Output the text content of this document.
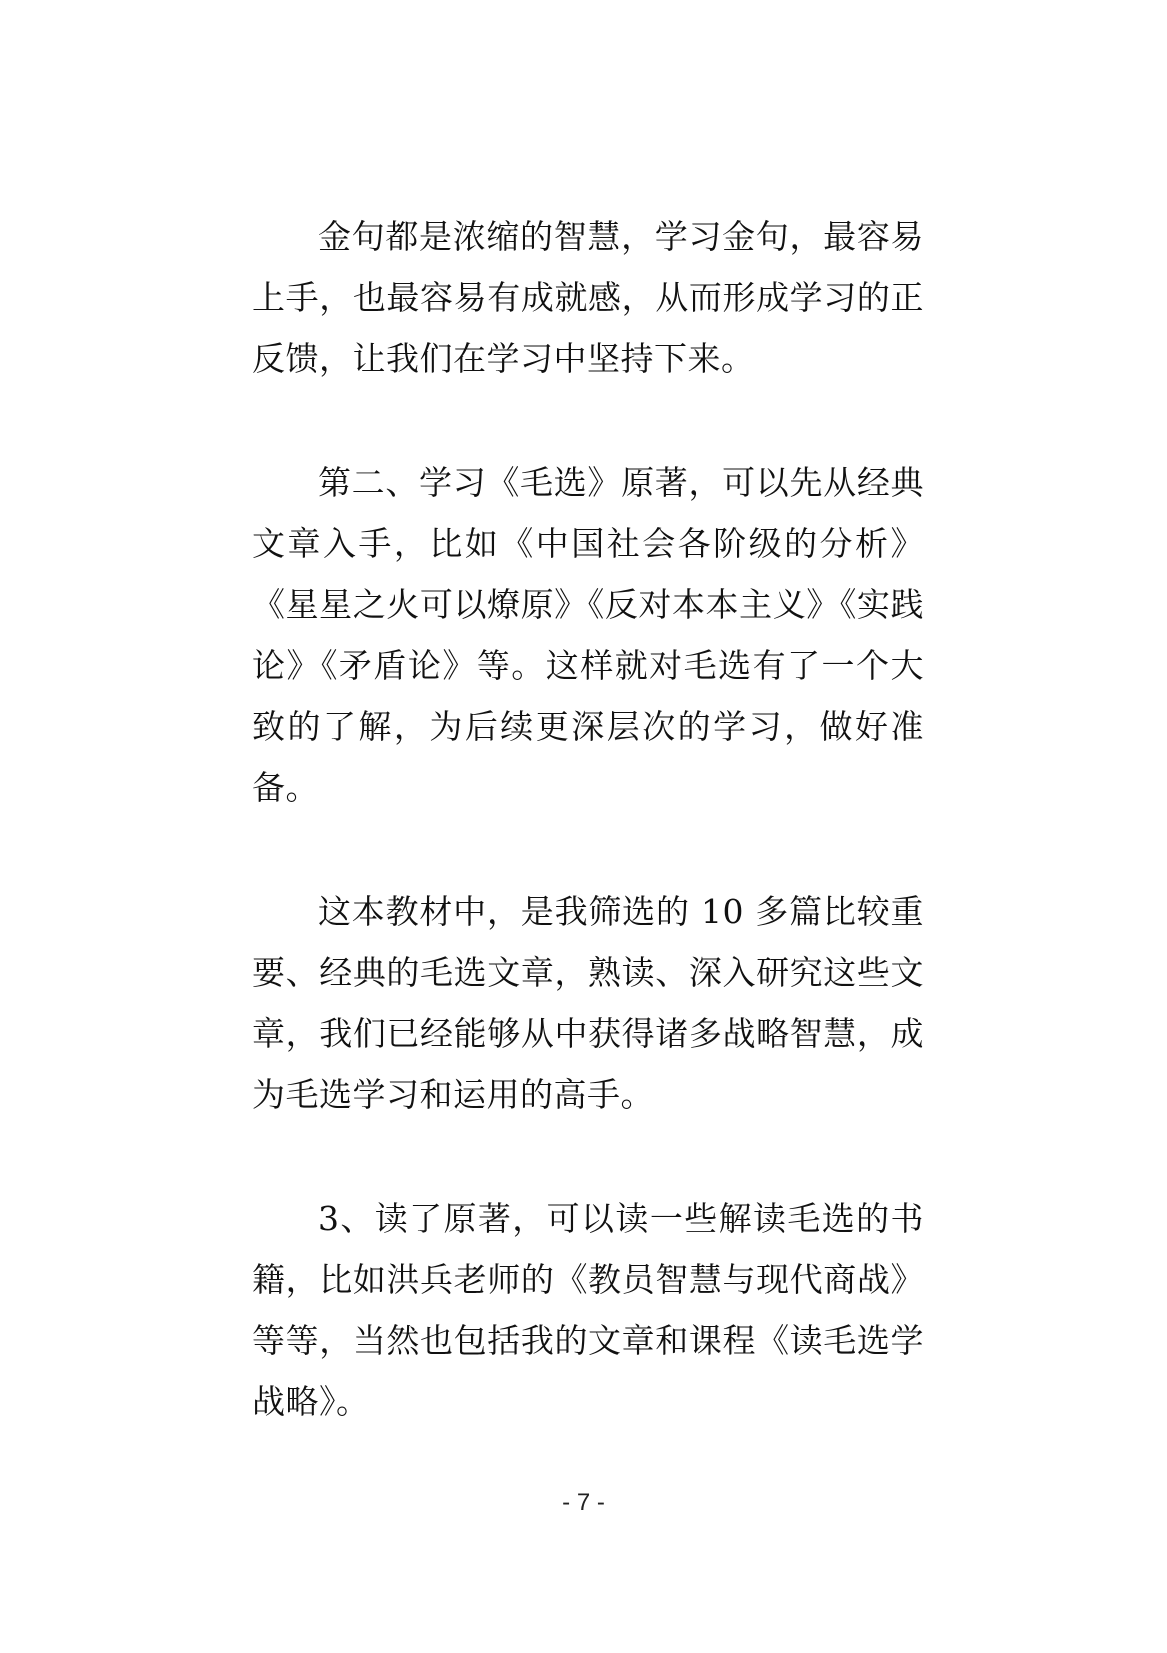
金句都是浓缩的智慧，学习金句，最容易上手，也最容易有成就感，从而形成学习的正反馈，让我们在学习中坚持下来。

第二、学习《毛选》原著，可以先从经典文章入手，比如《中国社会各阶级的分析》《星星之火可以燎原》《反对本本主义》《实践论》《矛盾论》等。这样就对毛选有了一个大致的了解，为后续更深层次的学习，做好准备。

这本教材中，是我筛选的 10 多篇比较重要、经典的毛选文章，熟读、深入研究这些文章，我们已经能够从中获得诸多战略智慧，成为毛选学习和运用的高手。

3、读了原著，可以读一些解读毛选的书籍，比如洪兵老师的《教员智慧与现代商战》等等，当然也包括我的文章和课程《读毛选学战略》。

- 7 -
